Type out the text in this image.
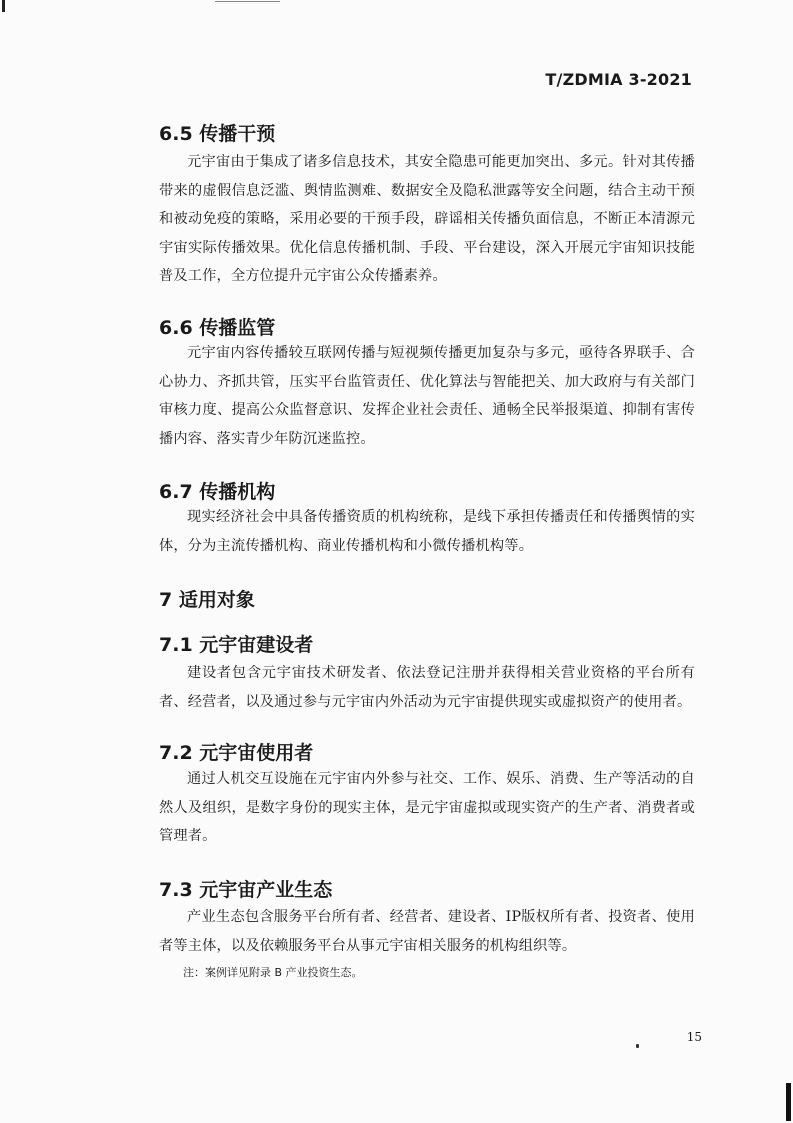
T/ZDMIA 3-2021
6.5 传播干预
元宇宙由于集成了诸多信息技术，其安全隐患可能更加突出、多元。针对其传播带来的虚假信息泛滥、舆情监测难、数据安全及隐私泄露等安全问题，结合主动干预和被动免疫的策略，采用必要的干预手段，辟谣相关传播负面信息，不断正本清源元宇宙实际传播效果。优化信息传播机制、手段、平台建设，深入开展元宇宙知识技能普及工作，全方位提升元宇宙公众传播素养。
6.6 传播监管
元宇宙内容传播较互联网传播与短视频传播更加复杂与多元，亟待各界联手、合心协力、齐抓共管，压实平台监管责任、优化算法与智能把关、加大政府与有关部门审核力度、提高公众监督意识、发挥企业社会责任、通畅全民举报渠道、抑制有害传播内容、落实青少年防沉迷监控。
6.7 传播机构
现实经济社会中具备传播资质的机构统称，是线下承担传播责任和传播舆情的实体，分为主流传播机构、商业传播机构和小微传播机构等。
7 适用对象
7.1 元宇宙建设者
建设者包含元宇宙技术研发者、依法登记注册并获得相关营业资格的平台所有者、经营者，以及通过参与元宇宙内外活动为元宇宙提供现实或虚拟资产的使用者。
7.2 元宇宙使用者
通过人机交互设施在元宇宙内外参与社交、工作、娱乐、消费、生产等活动的自然人及组织，是数字身份的现实主体，是元宇宙虚拟或现实资产的生产者、消费者或管理者。
7.3 元宇宙产业生态
产业生态包含服务平台所有者、经营者、建设者、IP版权所有者、投资者、使用者等主体，以及依赖服务平台从事元宇宙相关服务的机构组织等。
注：案例详见附录 B 产业投资生态。
15
